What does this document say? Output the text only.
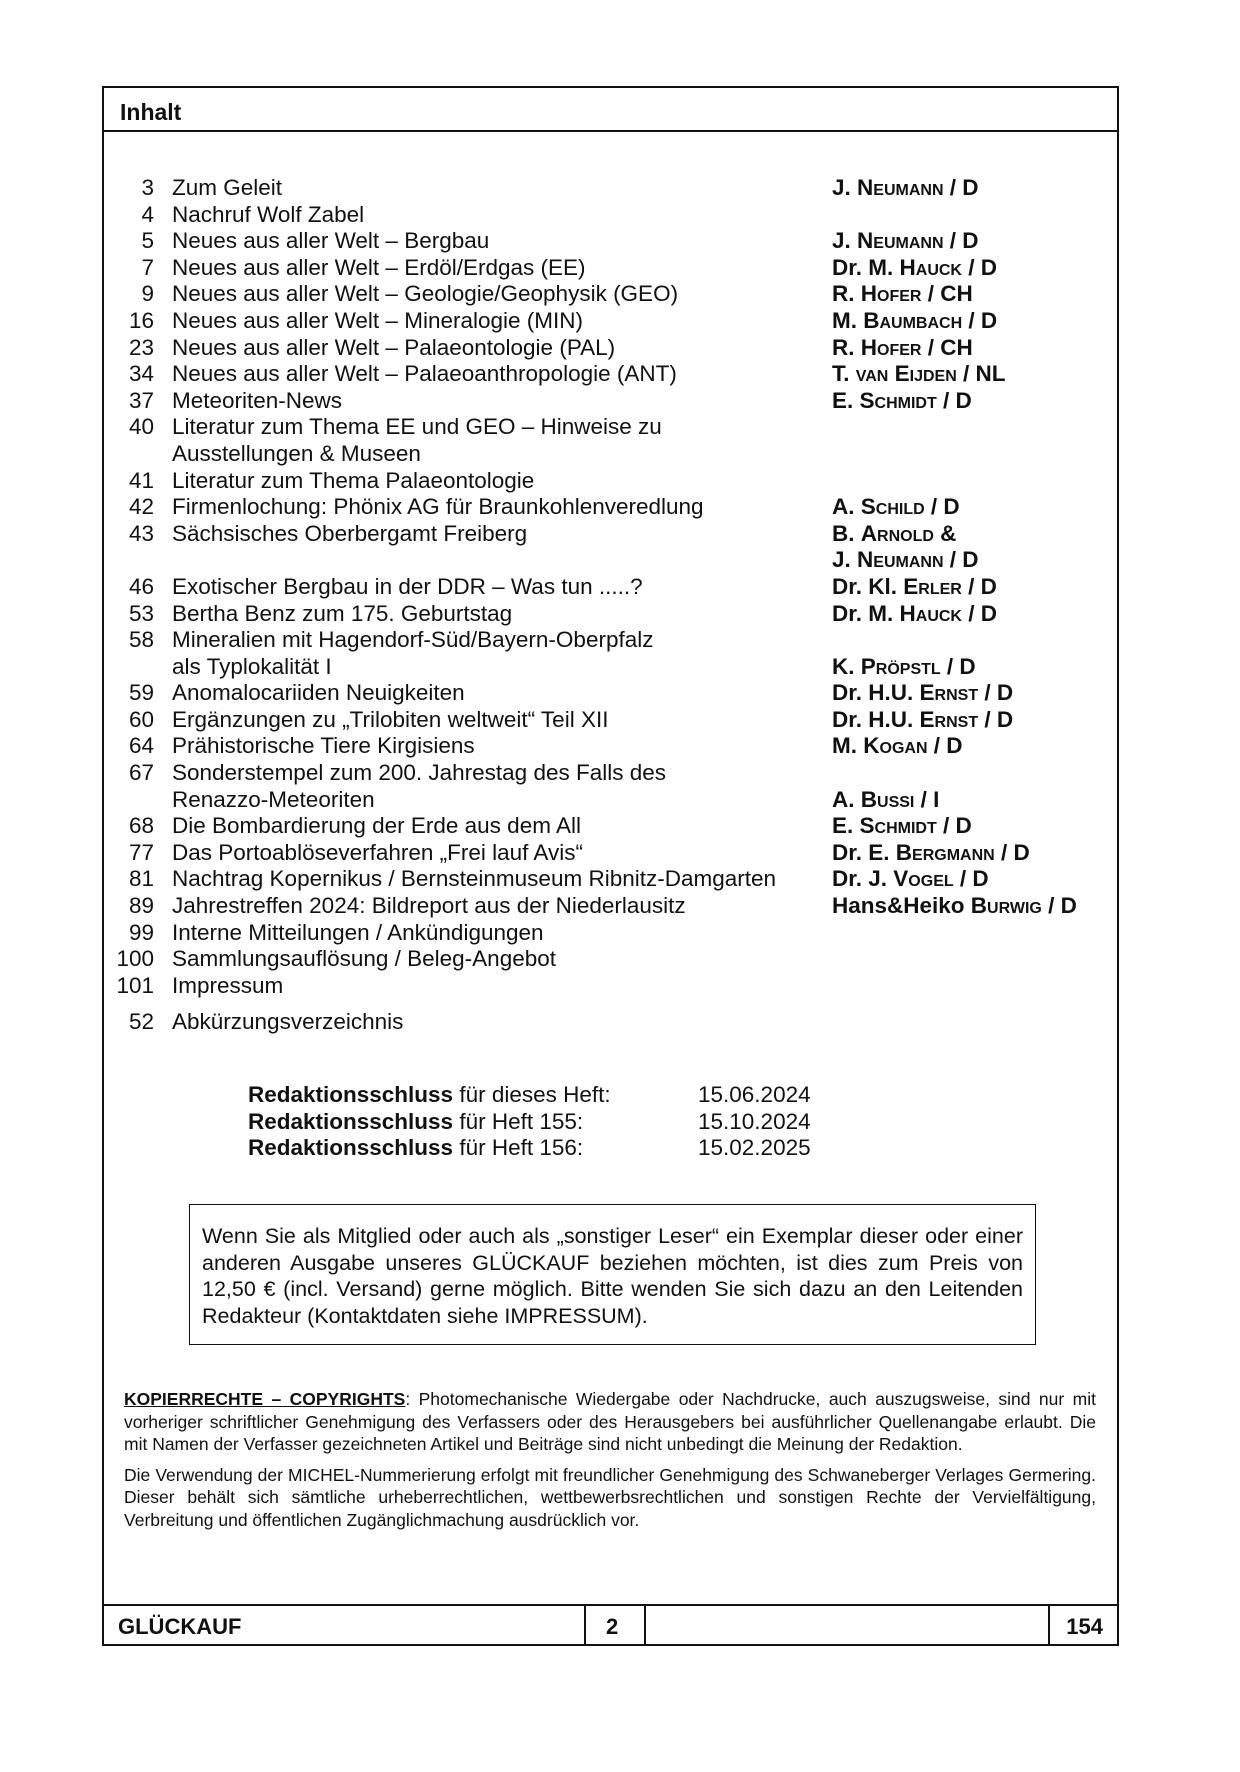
Inhalt
3 Zum Geleit	J. Neumann / D
4 Nachruf Wolf Zabel
5 Neues aus aller Welt – Bergbau	J. Neumann / D
7 Neues aus aller Welt – Erdöl/Erdgas (EE)	Dr. M. Hauck / D
9 Neues aus aller Welt – Geologie/Geophysik (GEO)	R. Hofer / CH
16 Neues aus aller Welt – Mineralogie (MIN)	M. Baumbach / D
23 Neues aus aller Welt – Palaeontologie (PAL)	R. Hofer / CH
34 Neues aus aller Welt – Palaeoanthropologie (ANT)	T. van Eijden / NL
37 Meteoriten-News	E. Schmidt / D
40 Literatur zum Thema EE und GEO – Hinweise zu
Ausstellungen & Museen
41 Literatur zum Thema Palaeontologie
42 Firmenlochung: Phönix AG für Braunkohlenveredlung	A. Schild / D
43 Sächsisches Oberbergamt Freiberg	B. Arnold &
J. Neumann / D
46 Exotischer Bergbau in der DDR – Was tun .....?	Dr. Kl. Erler / D
53 Bertha Benz zum 175. Geburtstag	Dr. M. Hauck / D
58 Mineralien mit Hagendorf-Süd/Bayern-Oberpfalz
als Typlokalität I	K. Pröpstl / D
59 Anomalocariiden Neuigkeiten	Dr. H.U. Ernst / D
60 Ergänzungen zu „Trilobiten weltweit“ Teil XII	Dr. H.U. Ernst / D
64 Prähistorische Tiere Kirgisiens	M. Kogan / D
67 Sonderstempel zum 200. Jahrestag des Falls des
Renazzo-Meteoriten	A. Bussi / I
68 Die Bombardierung der Erde aus dem All	E. Schmidt / D
77 Das Portoablöseverfahren „Frei lauf Avis“	Dr. E. Bergmann / D
81 Nachtrag Kopernikus / Bernsteinmuseum Ribnitz-Damgarten	Dr. J. Vogel / D
89 Jahrestreffen 2024: Bildreport aus der Niederlausitz	Hans&Heiko Burwig / D
99 Interne Mitteilungen / Ankündigungen
100 Sammlungsauflösung / Beleg-Angebot
101 Impressum
52 Abkürzungsverzeichnis
Redaktionsschluss für dieses Heft:	15.06.2024
Redaktionsschluss für Heft 155:	15.10.2024
Redaktionsschluss für Heft 156:	15.02.2025
Wenn Sie als Mitglied oder auch als „sonstiger Leser“ ein Exemplar dieser oder einer anderen Ausgabe unseres GLÜCKAUF beziehen möchten, ist dies zum Preis von 12,50 € (incl. Versand) gerne möglich. Bitte wenden Sie sich dazu an den Leitenden Redakteur (Kontaktdaten siehe IMPRESSUM).

KOPIERRECHTE – COPYRIGHTS: Photomechanische Wiedergabe oder Nachdrucke, auch auszugsweise, sind nur mit vorheriger schriftlicher Genehmigung des Verfassers oder des Herausgebers bei ausführlicher Quellenangabe erlaubt. Die mit Namen der Verfasser gezeichneten Artikel und Beiträge sind nicht unbedingt die Meinung der Redaktion.

Die Verwendung der MICHEL-Nummerierung erfolgt mit freundlicher Genehmigung des Schwaneberger Verlages Germering. Dieser behält sich sämtliche urheberrechtlichen, wettbewerbsrechtlichen und sonstigen Rechte der Vervielfältigung, Verbreitung und öffentlichen Zugänglichmachung ausdrücklich vor.

GLÜCKAUF	2	154
